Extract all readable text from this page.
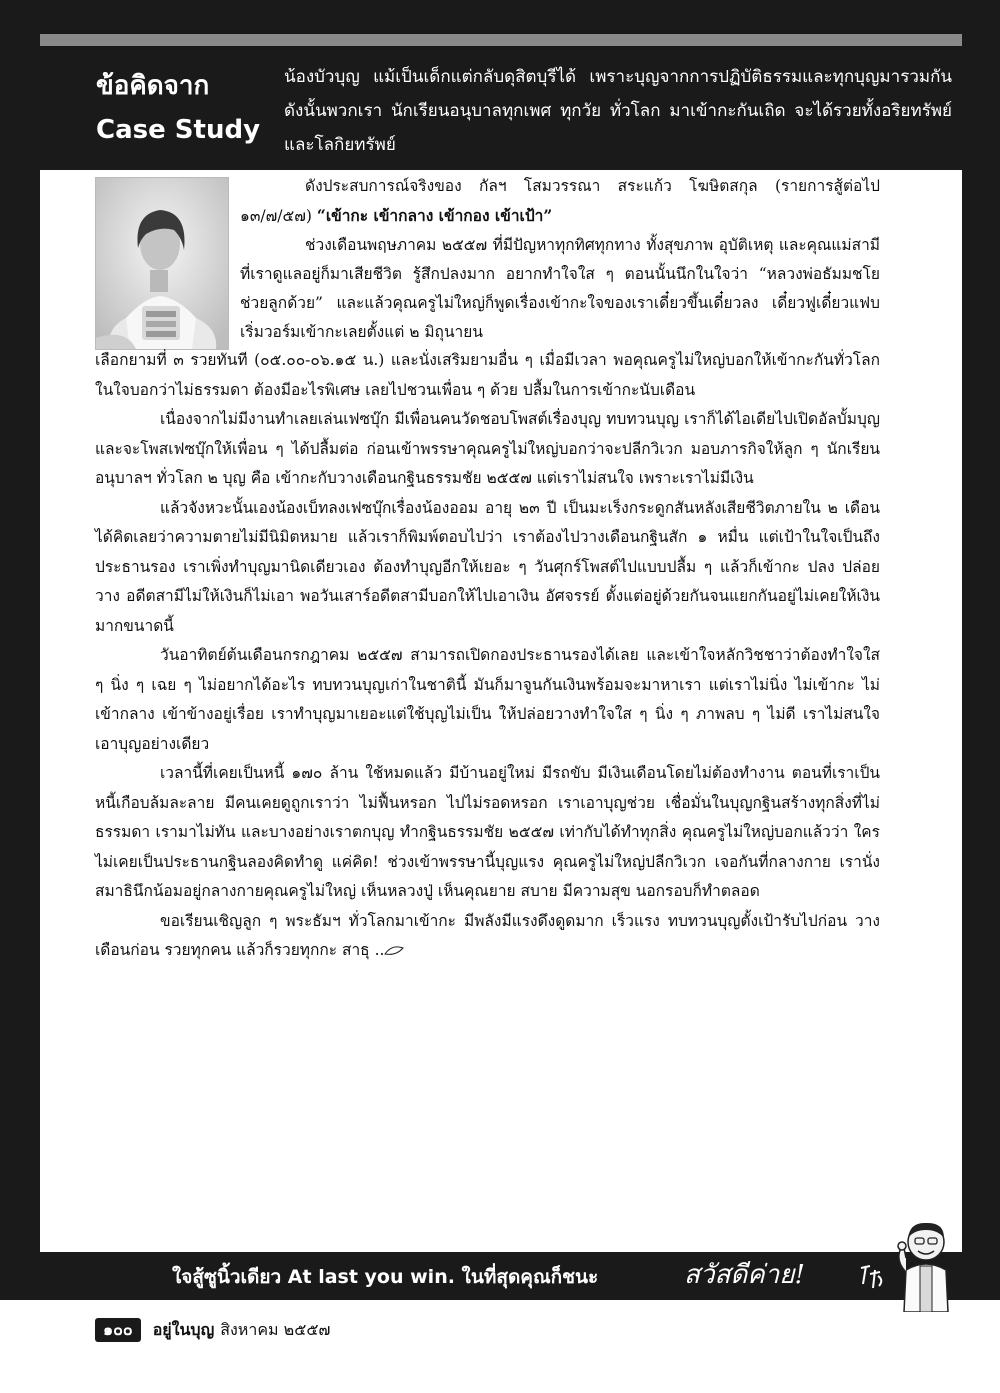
ข้อคิดจาก
Case Study
น้องบัวบุญ แม้เป็นเด็กแต่กลับดุสิตบุรีได้ เพราะบุญจากการปฏิบัติธรรมและทุกบุญมารวมกัน ดังนั้นพวกเรา นักเรียนอนุบาลทุกเพศ ทุกวัย ทั่วโลก มาเข้ากะกันเถิด จะได้รวยทั้งอริยทรัพย์และโลกิยทรัพย์

ดังประสบการณ์จริงของ กัลฯ โสมวรรณา สระแก้ว โฆษิตสกุล (รายการสู้ต่อไป ๑๓/๗/๕๗) “เข้ากะ เข้ากลาง เข้ากอง เข้าเป้า”

ช่วงเดือนพฤษภาคม ๒๕๕๗ ที่มีปัญหาทุกทิศทุกทาง ทั้งสุขภาพ อุบัติเหตุ และคุณแม่สามีที่เราดูแลอยู่ก็มาเสียชีวิต รู้สึกปลงมาก อยากทำใจใส ๆ ตอนนั้นนึกในใจว่า “หลวงพ่อธัมมชโย ช่วยลูกด้วย” และแล้วคุณครูไม่ใหญ่ก็พูดเรื่องเข้ากะใจของเราเดี๋ยวขึ้นเดี๋ยวลง เดี๋ยวฟูเดี๋ยวแฟบ เริ่มวอร์มเข้ากะเลยตั้งแต่ ๒ มิถุนายน

เลือกยามที่ ๓ รวยทันที (๐๕.๐๐-๐๖.๑๕ น.) และนั่งเสริมยามอื่น ๆ เมื่อมีเวลา พอคุณครูไม่ใหญ่บอกให้เข้ากะกันทั่วโลก ในใจบอกว่าไม่ธรรมดา ต้องมีอะไรพิเศษ เลยไปชวนเพื่อน ๆ ด้วย ปลื้มในการเข้ากะนับเดือน

เนื่องจากไม่มีงานทำเลยเล่นเฟซบุ๊ก มีเพื่อนคนวัดชอบโพสต์เรื่องบุญ ทบทวนบุญ เราก็ได้ไอเดียไปเปิดอัลบั้มบุญ และจะโพสเฟซบุ๊กให้เพื่อน ๆ ได้ปลื้มต่อ ก่อนเข้าพรรษาคุณครูไม่ใหญ่บอกว่าจะปลีกวิเวก มอบภารกิจให้ลูก ๆ นักเรียนอนุบาลฯ ทั่วโลก ๒ บุญ คือ เข้ากะกับวางเดือนกฐินธรรมชัย ๒๕๕๗ แต่เราไม่สนใจ เพราะเราไม่มีเงิน

แล้วจังหวะนั้นเองน้องเบ็ทลงเฟซบุ๊กเรื่องน้องออม อายุ ๒๓ ปี เป็นมะเร็งกระดูกสันหลังเสียชีวิตภายใน ๒ เดือน ได้คิดเลยว่าความตายไม่มีนิมิตหมาย แล้วเราก็พิมพ์ตอบไปว่า เราต้องไปวางเดือนกฐินสัก ๑ หมื่น แต่เป้าในใจเป็นถึงประธานรอง เราเพิ่งทำบุญมานิดเดียวเอง ต้องทำบุญอีกให้เยอะ ๆ วันศุกร์โพสต์ไปแบบปลื้ม ๆ แล้วก็เข้ากะ ปลง ปล่อยวาง อดีตสามีไม่ให้เงินก็ไม่เอา พอวันเสาร์อดีตสามีบอกให้ไปเอาเงิน อัศจรรย์ ตั้งแต่อยู่ด้วยกันจนแยกกันอยู่ไม่เคยให้เงินมากขนาดนี้

วันอาทิตย์ต้นเดือนกรกฎาคม ๒๕๕๗ สามารถเปิดกองประธานรองได้เลย และเข้าใจหลักวิชชาว่าต้องทำใจใส ๆ นิ่ง ๆ เฉย ๆ ไม่อยากได้อะไร ทบทวนบุญเก่าในชาตินี้ มันก็มาจูนกันเงินพร้อมจะมาหาเรา แต่เราไม่นิ่ง ไม่เข้ากะ ไม่เข้ากลาง เข้าข้างอยู่เรื่อย เราทำบุญมาเยอะแต่ใช้บุญไม่เป็น ให้ปล่อยวางทำใจใส ๆ นิ่ง ๆ ภาพลบ ๆ ไม่ดี เราไม่สนใจ เอาบุญอย่างเดียว

เวลานี้ที่เคยเป็นหนี้ ๑๗๐ ล้าน ใช้หมดแล้ว มีบ้านอยู่ใหม่ มีรถขับ มีเงินเดือนโดยไม่ต้องทำงาน ตอนที่เราเป็นหนี้เกือบล้มละลาย มีคนเคยดูถูกเราว่า ไม่ฟื้นหรอก ไปไม่รอดหรอก เราเอาบุญช่วย เชื่อมั่นในบุญกฐินสร้างทุกสิ่งที่ไม่ธรรมดา เรามาไม่ทัน และบางอย่างเราตกบุญ ทำกฐินธรรมชัย ๒๕๕๗ เท่ากับได้ทำทุกสิ่ง คุณครูไม่ใหญ่บอกแล้วว่า ใครไม่เคยเป็นประธานกฐินลองคิดทำดู แค่คิด! ช่วงเข้าพรรษานี้บุญแรง คุณครูไม่ใหญ่ปลีกวิเวก เจอกันที่กลางกาย เรานั่งสมาธินึกน้อมอยู่กลางกายคุณครูไม่ใหญ่ เห็นหลวงปู่ เห็นคุณยาย สบาย มีความสุข นอกรอบก็ทำตลอด

ขอเรียนเชิญลูก ๆ พระธัมฯ ทั่วโลกมาเข้ากะ มีพลังมีแรงดึงดูดมาก เร็วแรง ทบทวนบุญตั้งเป้ารับไปก่อน วางเดือนก่อน รวยทุกคน แล้วก็รวยทุกกะ สาธุ ..

ใจสู้ซูนิ้วเดียว At last you win. ในที่สุดคุณก็ชนะ	สวัสดีค่าย!
๑๐๐	อยู่ในบุญ สิงหาคม ๒๕๕๗
